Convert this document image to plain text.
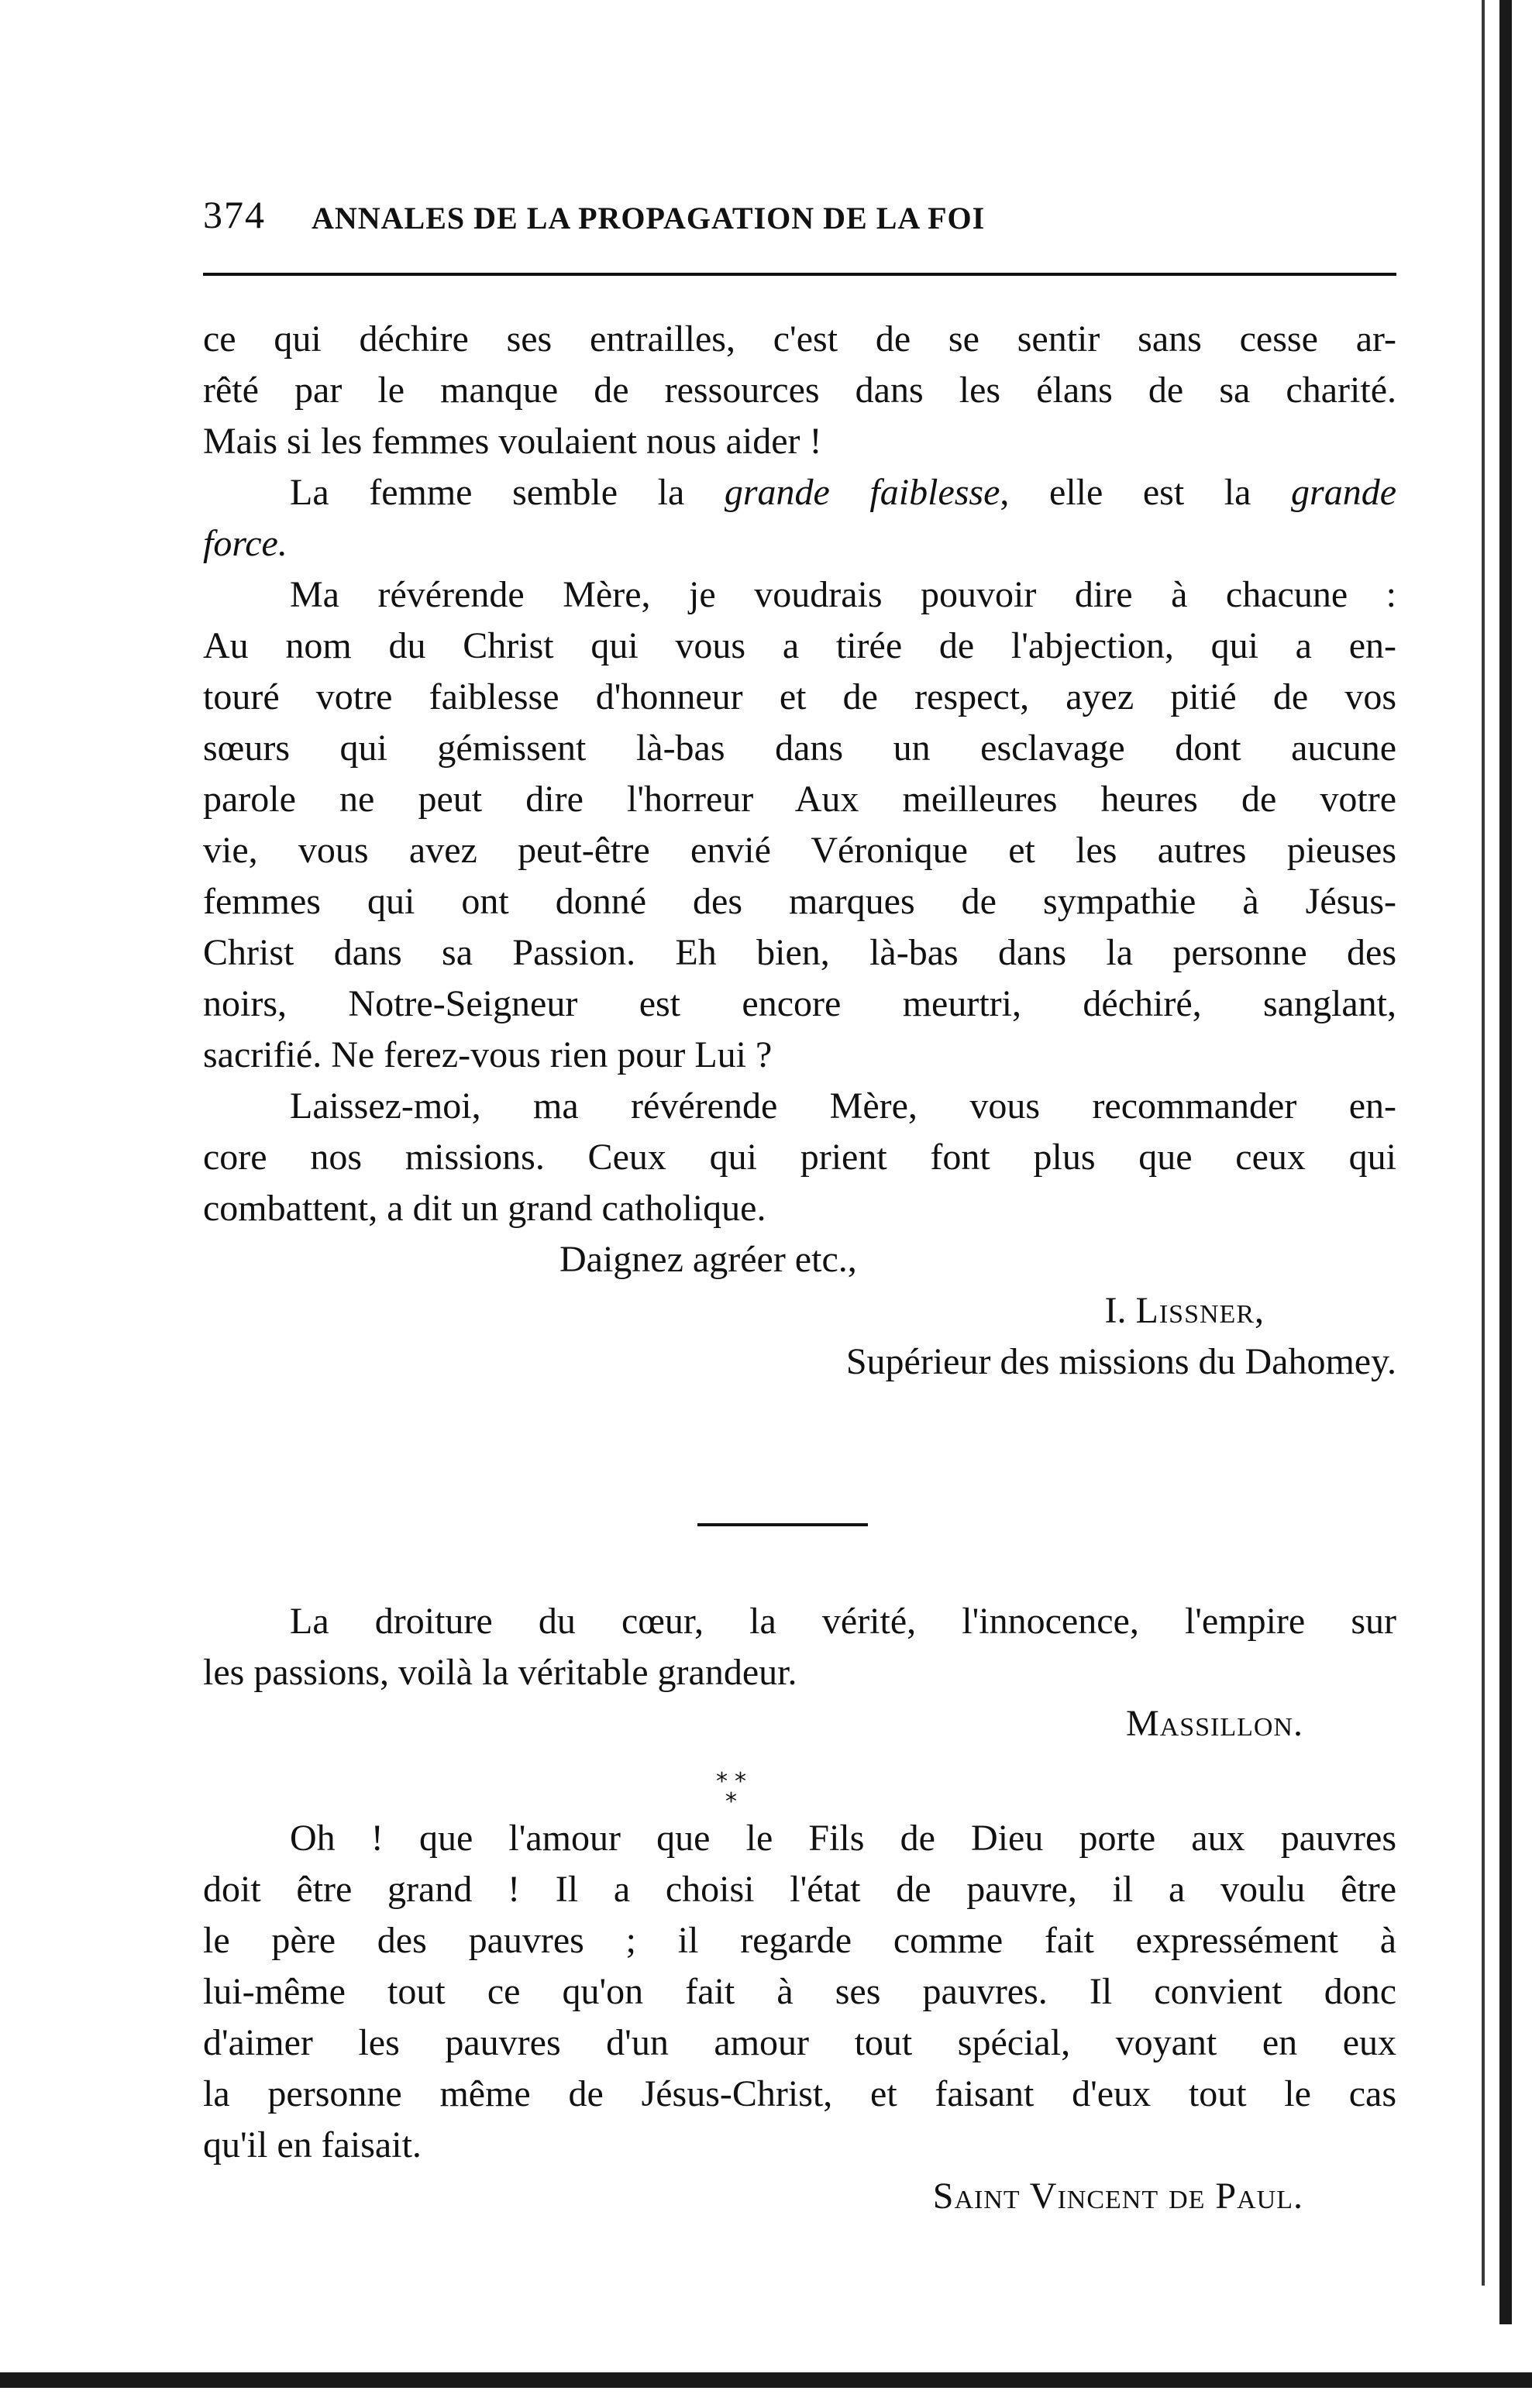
374 ANNALES DE LA PROPAGATION DE LA FOI
ce qui déchire ses entrailles, c'est de se sentir sans cesse ar-
rêté par le manque de ressources dans les élans de sa charité.
Mais si les femmes voulaient nous aider !
La femme semble la grande faiblesse, elle est la grande
force.
Ma révérende Mère, je voudrais pouvoir dire à chacune :
Au nom du Christ qui vous a tirée de l'abjection, qui a en-
touré votre faiblesse d'honneur et de respect, ayez pitié de vos
sœurs qui gémissent là-bas dans un esclavage dont aucune
parole ne peut dire l'horreur Aux meilleures heures de votre
vie, vous avez peut-être envié Véronique et les autres pieuses
femmes qui ont donné des marques de sympathie à Jésus-
Christ dans sa Passion. Eh bien, là-bas dans la personne des
noirs, Notre-Seigneur est encore meurtri, déchiré, sanglant,
sacrifié. Ne ferez-vous rien pour Lui ?
Laissez-moi, ma révérende Mère, vous recommander en-
core nos missions. Ceux qui prient font plus que ceux qui
combattent, a dit un grand catholique.
Daignez agréer etc.,
I. Lissner,
Supérieur des missions du Dahomey.
La droiture du cœur, la vérité, l'innocence, l'empire sur
les passions, voilà la véritable grandeur.
Massillon.
* *
*
Oh ! que l'amour que le Fils de Dieu porte aux pauvres
doit être grand ! Il a choisi l'état de pauvre, il a voulu être
le père des pauvres ; il regarde comme fait expressément à
lui-même tout ce qu'on fait à ses pauvres. Il convient donc
d'aimer les pauvres d'un amour tout spécial, voyant en eux
la personne même de Jésus-Christ, et faisant d'eux tout le cas
qu'il en faisait.
Saint Vincent de Paul.
